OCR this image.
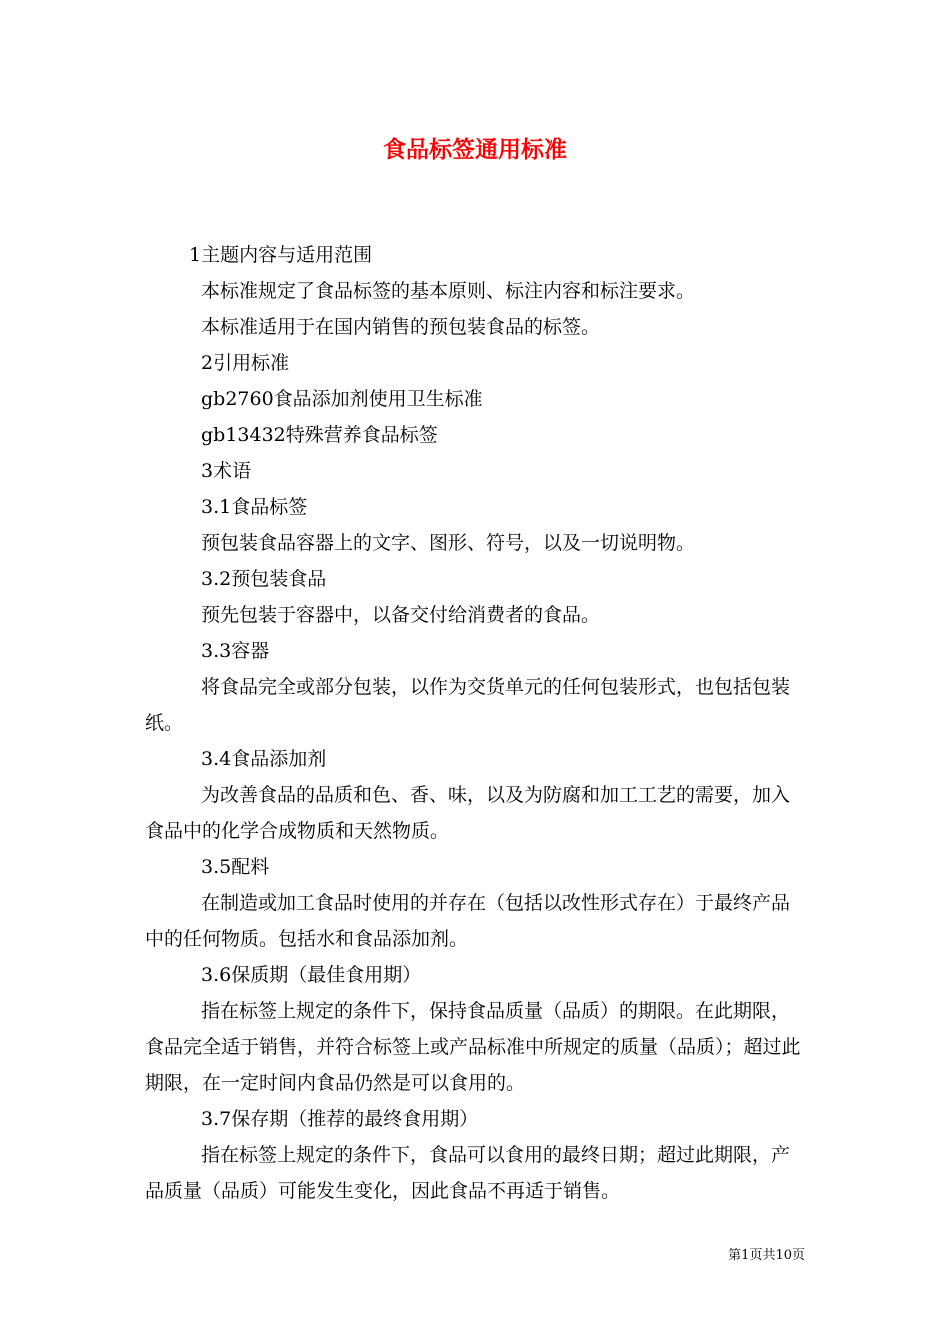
食品标签通用标准

1主题内容与适用范围

本标准规定了食品标签的基本原则、标注内容和标注要求。

本标准适用于在国内销售的预包装食品的标签。

2引用标准

gb2760食品添加剂使用卫生标准

gb13432特殊营养食品标签

3术语

3.1食品标签

预包装食品容器上的文字、图形、符号，以及一切说明物。

3.2预包装食品

预先包装于容器中，以备交付给消费者的食品。

3.3容器

将食品完全或部分包装，以作为交货单元的任何包装形式，也包括包装纸。

3.4食品添加剂

为改善食品的品质和色、香、味，以及为防腐和加工工艺的需要，加入食品中的化学合成物质和天然物质。

3.5配料

在制造或加工食品时使用的并存在（包括以改性形式存在）于最终产品中的任何物质。包括水和食品添加剂。

3.6保质期（最佳食用期）

指在标签上规定的条件下，保持食品质量（品质）的期限。在此期限，食品完全适于销售，并符合标签上或产品标准中所规定的质量（品质）；超过此期限，在一定时间内食品仍然是可以食用的。

3.7保存期（推荐的最终食用期）

指在标签上规定的条件下，食品可以食用的最终日期；超过此期限，产品质量（品质）可能发生变化，因此食品不再适于销售。

第1页共10页
